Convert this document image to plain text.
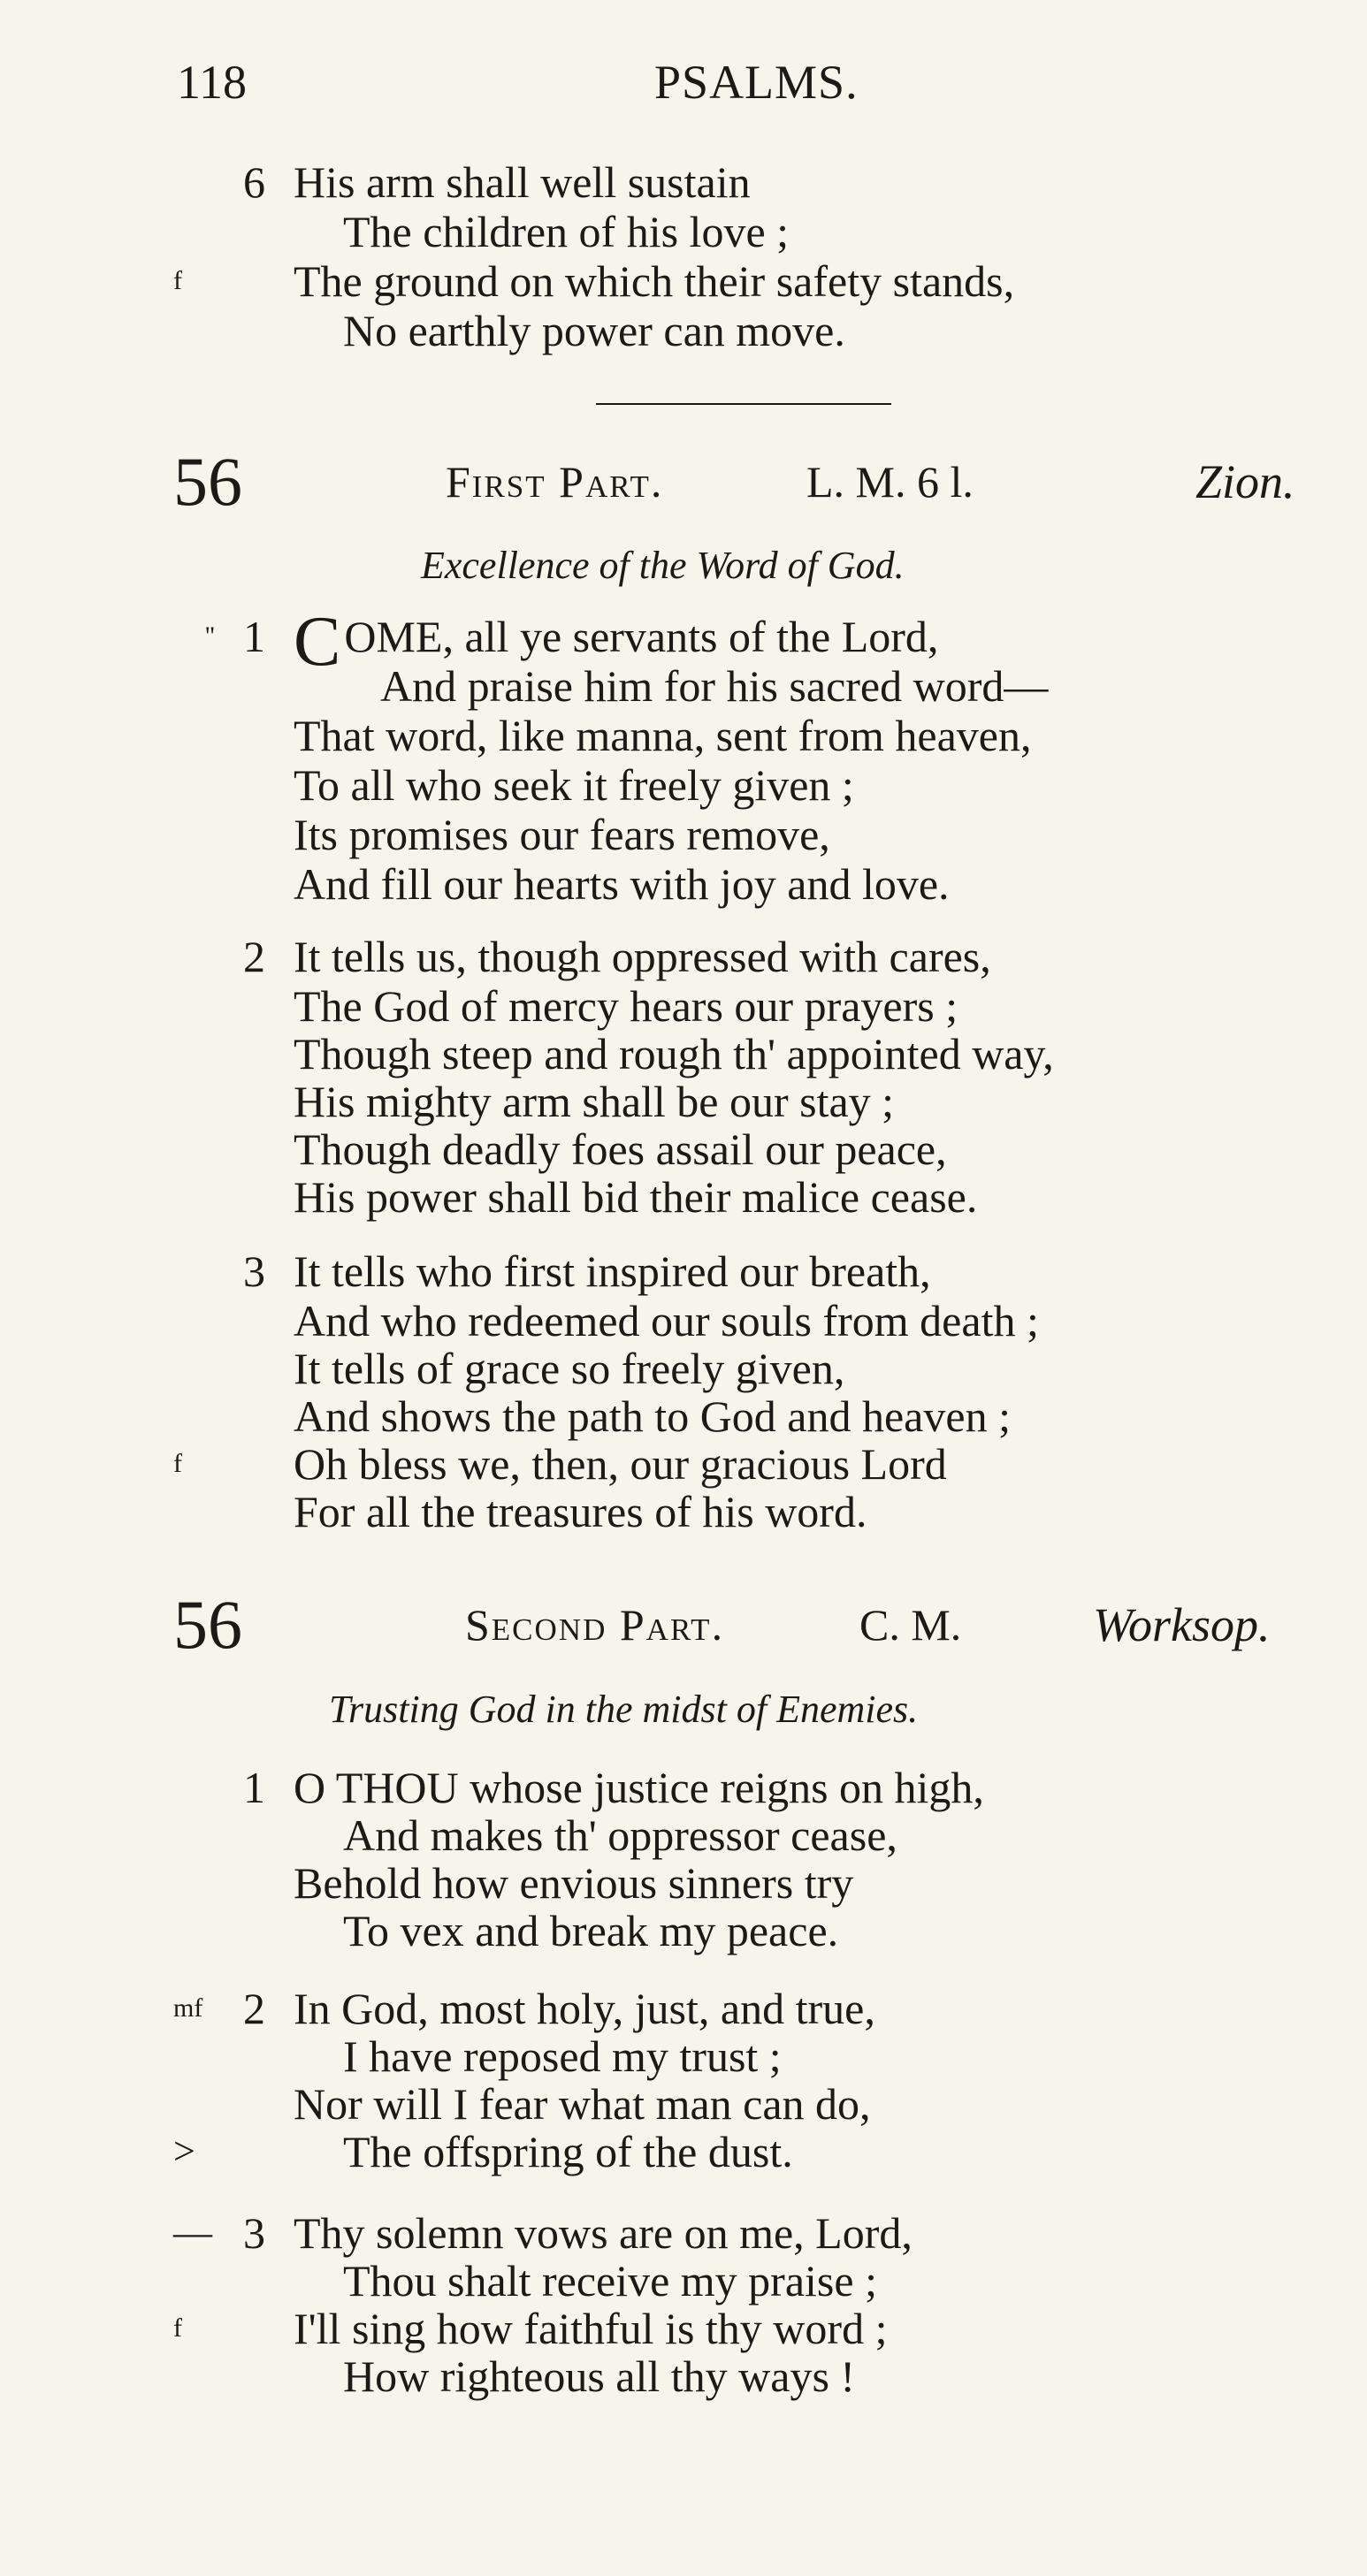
118	PSALMS.
6 His arm shall well sustain
The children of his love ;
f	The ground on which their safety stands,
No earthly power can move.
56	First Part.	L. M. 6 l.	Zion.
Excellence of the Word of God.
'' 1 COME, all ye servants of the Lord,
And praise him for his sacred word—
That word, like manna, sent from heaven,
To all who seek it freely given ;
Its promises our fears remove,
And fill our hearts with joy and love.
2 It tells us, though oppressed with cares,
The God of mercy hears our prayers ;
Though steep and rough th' appointed way,
His mighty arm shall be our stay ;
Though deadly foes assail our peace,
His power shall bid their malice cease.
3 It tells who first inspired our breath,
And who redeemed our souls from death ;
It tells of grace so freely given,
And shows the path to God and heaven ;
f	Oh bless we, then, our gracious Lord
For all the treasures of his word.
56	Second Part.	C. M.	Worksop.
Trusting God in the midst of Enemies.
1 O THOU whose justice reigns on high,
And makes th' oppressor cease,
Behold how envious sinners try
To vex and break my peace.
mf 2 In God, most holy, just, and true,
I have reposed my trust ;
Nor will I fear what man can do,
>	The offspring of the dust.
— 3 Thy solemn vows are on me, Lord,
Thou shalt receive my praise ;
f	I'll sing how faithful is thy word ;
How righteous all thy ways !
